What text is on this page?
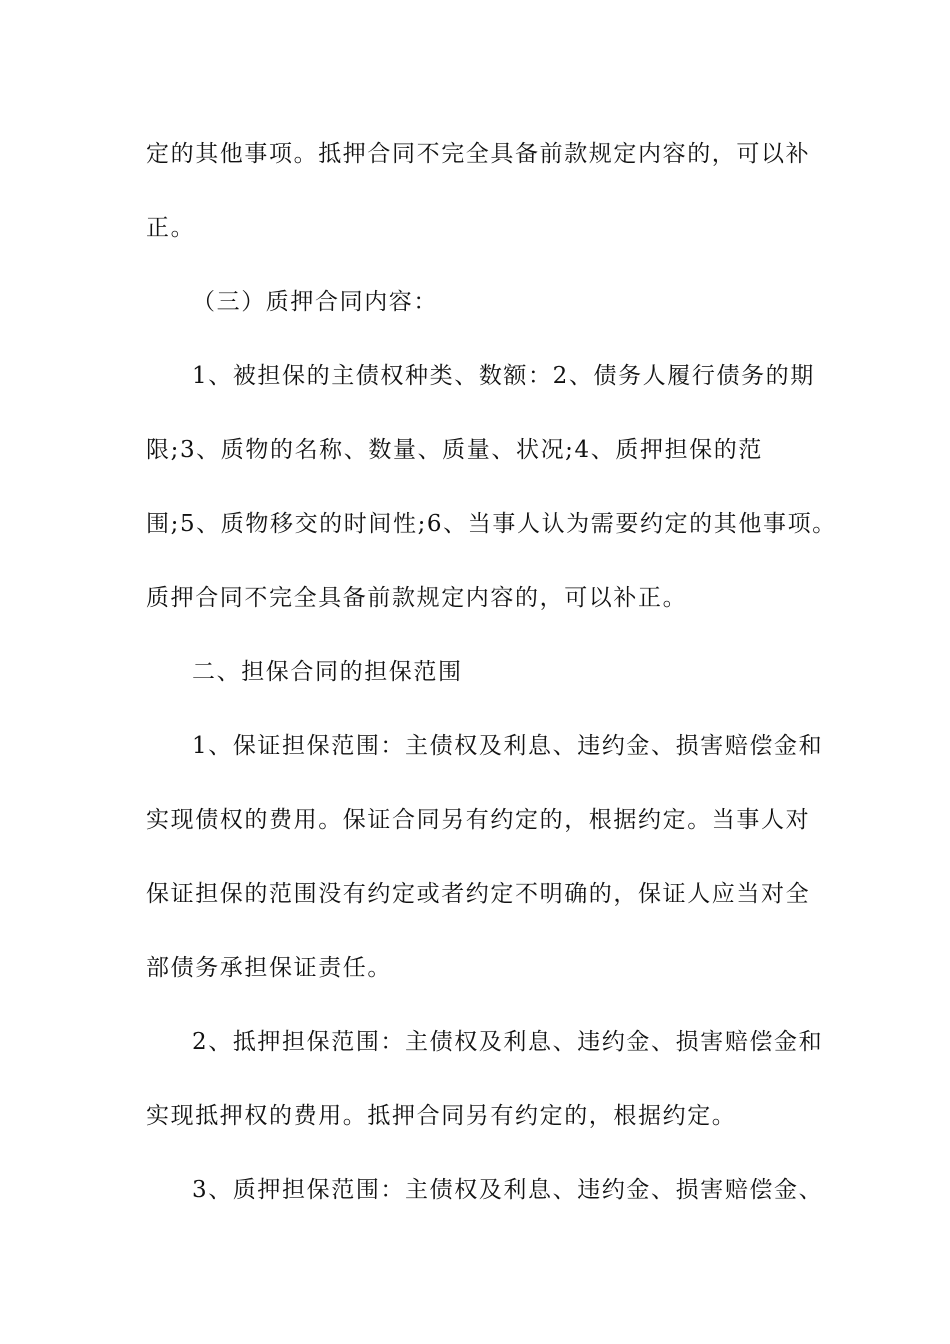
定的其他事项。抵押合同不完全具备前款规定内容的，可以补
正。
（三）质押合同内容：
1、被担保的主债权种类、数额：2、债务人履行债务的期
限;3、质物的名称、数量、质量、状况;4、质押担保的范
围;5、质物移交的时间性;6、当事人认为需要约定的其他事项。
质押合同不完全具备前款规定内容的，可以补正。
二、担保合同的担保范围
1、保证担保范围：主债权及利息、违约金、损害赔偿金和
实现债权的费用。保证合同另有约定的，根据约定。当事人对
保证担保的范围没有约定或者约定不明确的，保证人应当对全
部债务承担保证责任。
2、抵押担保范围：主债权及利息、违约金、损害赔偿金和
实现抵押权的费用。抵押合同另有约定的，根据约定。
3、质押担保范围：主债权及利息、违约金、损害赔偿金、
